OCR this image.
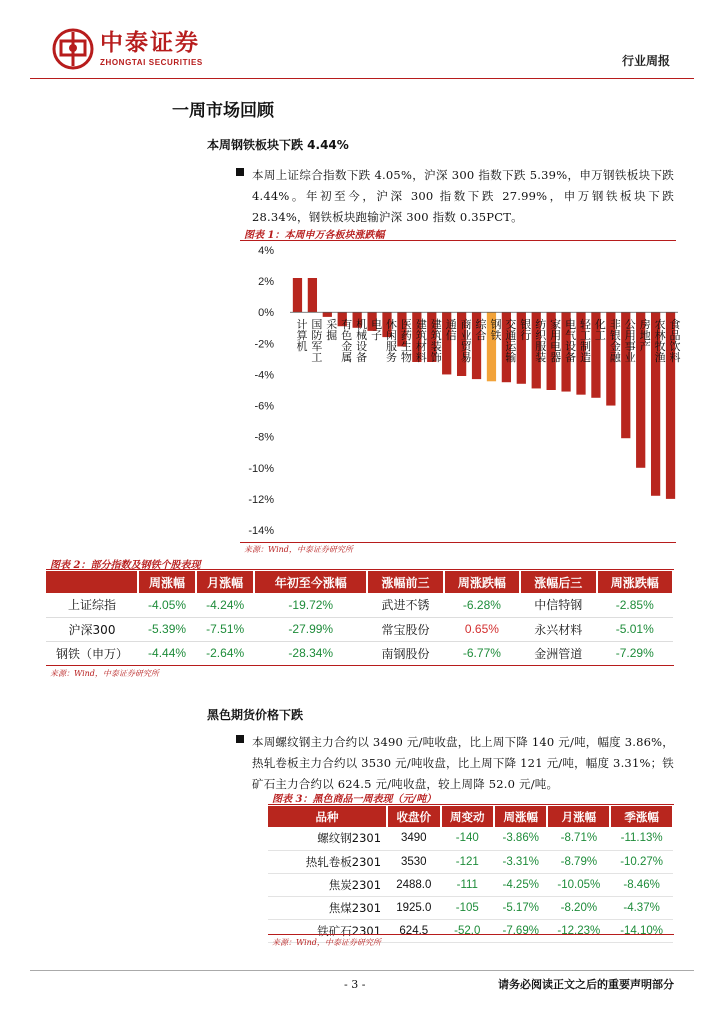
中泰证券
ZHONGTAI SECURITIES	行业周报
一周市场回顾
本周钢铁板块下跌 4.44%

本周上证综合指数下跌 4.05%，沪深 300 指数下跌 5.39%，申万钢铁板块下跌 4.44%。年初至今，沪深 300 指数下跌 27.99%，申万钢铁板块下跌 28.34%，钢铁板块跑输沪深 300 指数 0.35PCT。

图表 1：本周申万各板块涨跌幅
4%
2%
0%
-2%
-4%
-6%
-8%
-10%
-12%
-14%
计算机 国防军工 采掘 有色金属 机械设备 电子 休闲服务 医药生物 建筑材料 建筑装饰 通信 商业贸易 综合 钢铁 交通运输 银行 纺织服装 家用电器 电气设备 轻工制造 化工 非银金融 公用事业 房地产 农林牧渔 食品饮料
来源：Wind，中泰证券研究所
图表 2：部分指数及钢铁个股表现
	周涨幅	月涨幅	年初至今涨幅	涨幅前三	周涨跌幅	涨幅后三	周涨跌幅
上证综指	-4.05%	-4.24%	-19.72%	武进不锈	-6.28%	中信特钢	-2.85%
沪深300	-5.39%	-7.51%	-27.99%	常宝股份	0.65%	永兴材料	-5.01%
钢铁（申万）	-4.44%	-2.64%	-28.34%	南钢股份	-6.77%	金洲管道	-7.29%
来源：Wind，中泰证券研究所
黑色期货价格下跌

本周螺纹钢主力合约以 3490 元/吨收盘，比上周下降 140 元/吨，幅度 3.86%，热轧卷板主力合约以 3530 元/吨收盘，比上周下降 121 元/吨，幅度 3.31%；铁矿石主力合约以 624.5 元/吨收盘，较上周降 52.0 元/吨。

图表 3：黑色商品一周表现（元/吨）
品种	收盘价	周变动	周涨幅	月涨幅	季涨幅
螺纹钢2301	3490	-140	-3.86%	-8.71%	-11.13%
热轧卷板2301	3530	-121	-3.31%	-8.79%	-10.27%
焦炭2301	2488.0	-111	-4.25%	-10.05%	-8.46%
焦煤2301	1925.0	-105	-5.17%	-8.20%	-4.37%
铁矿石2301	624.5	-52.0	-7.69%	-12.23%	-14.10%
来源：Wind，中泰证券研究所
- 3 -	请务必阅读正文之后的重要声明部分
